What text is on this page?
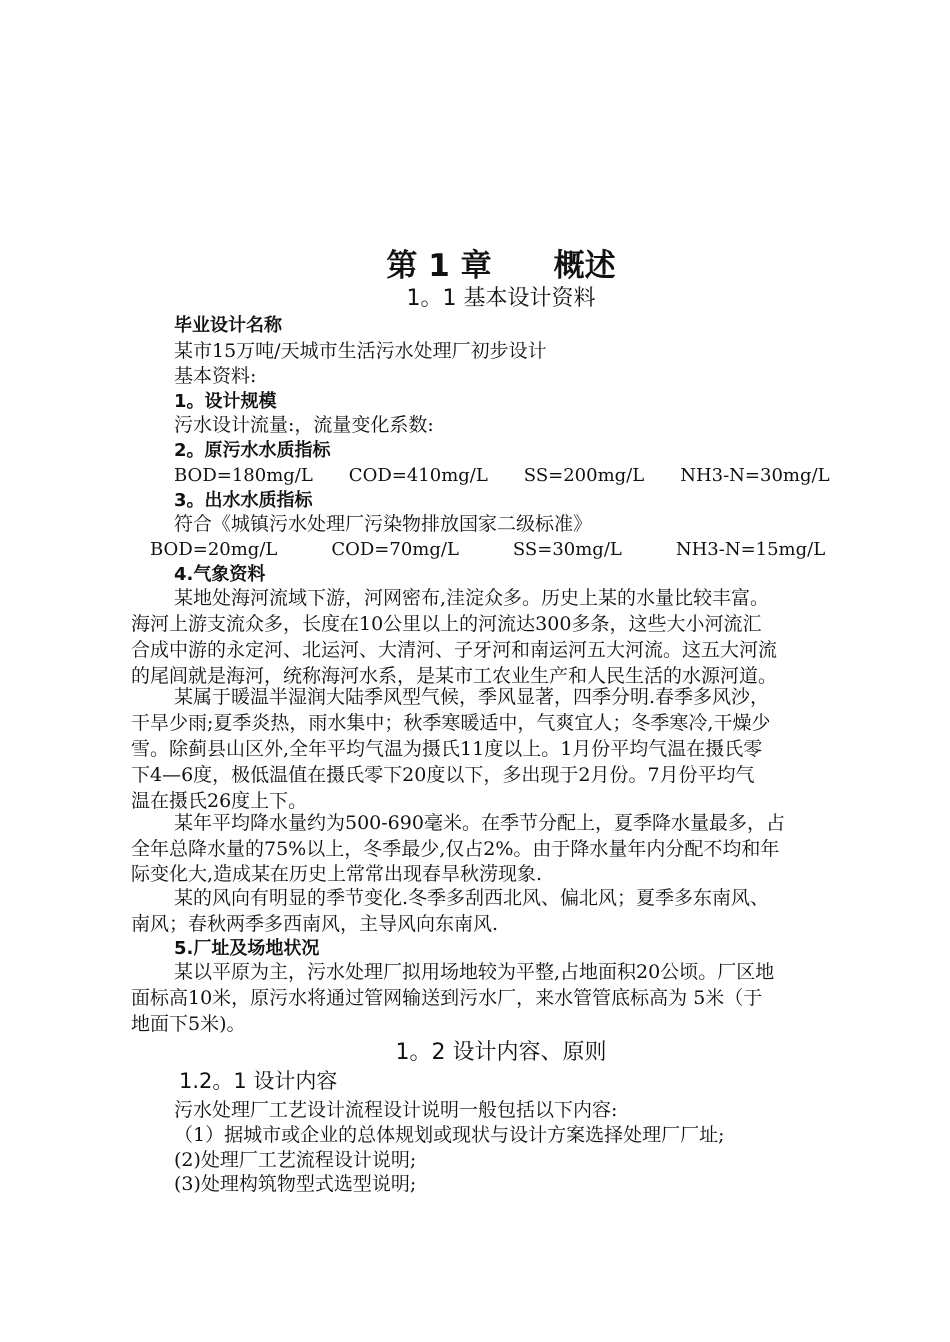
第 1 章　　概述
1。1 基本设计资料
毕业设计名称
某市15万吨/天城市生活污水处理厂初步设计
基本资料:
1。设计规模
污水设计流量:，流量变化系数:
2。原污水水质指标
BOD=180mg/L　　COD=410mg/L　　SS=200mg/L　　NH3-N=30mg/L
3。出水水质指标
符合《城镇污水处理厂污染物排放国家二级标准》
BOD=20mg/L　　　COD=70mg/L　　　SS=30mg/L　　　NH3-N=15mg/L
4.气象资料
某地处海河流域下游，河网密布,洼淀众多。历史上某的水量比较丰富。
海河上游支流众多，长度在10公里以上的河流达300多条，这些大小河流汇
合成中游的永定河、北运河、大清河、子牙河和南运河五大河流。这五大河流
的尾闾就是海河，统称海河水系，是某市工农业生产和人民生活的水源河道。
某属于暖温半湿润大陆季风型气候，季风显著，四季分明.春季多风沙，
干旱少雨;夏季炎热，雨水集中；秋季寒暖适中，气爽宜人；冬季寒冷,干燥少
雪。除蓟县山区外,全年平均气温为摄氏11度以上。1月份平均气温在摄氏零
下4—6度，极低温值在摄氏零下20度以下，多出现于2月份。7月份平均气
温在摄氏26度上下。
某年平均降水量约为500-690毫米。在季节分配上，夏季降水量最多，占
全年总降水量的75%以上，冬季最少,仅占2%。由于降水量年内分配不均和年
际变化大,造成某在历史上常常出现春旱秋涝现象.
某的风向有明显的季节变化.冬季多刮西北风、偏北风；夏季多东南风、
南风；春秋两季多西南风，主导风向东南风.
5.厂址及场地状况
某以平原为主，污水处理厂拟用场地较为平整,占地面积20公顷。厂区地
面标高10米，原污水将通过管网输送到污水厂，来水管管底标高为 5米（于
地面下5米)。
1。2 设计内容、原则
1.2。1 设计内容
污水处理厂工艺设计流程设计说明一般包括以下内容:
（1）据城市或企业的总体规划或现状与设计方案选择处理厂厂址;
(2)处理厂工艺流程设计说明;
(3)处理构筑物型式选型说明;
